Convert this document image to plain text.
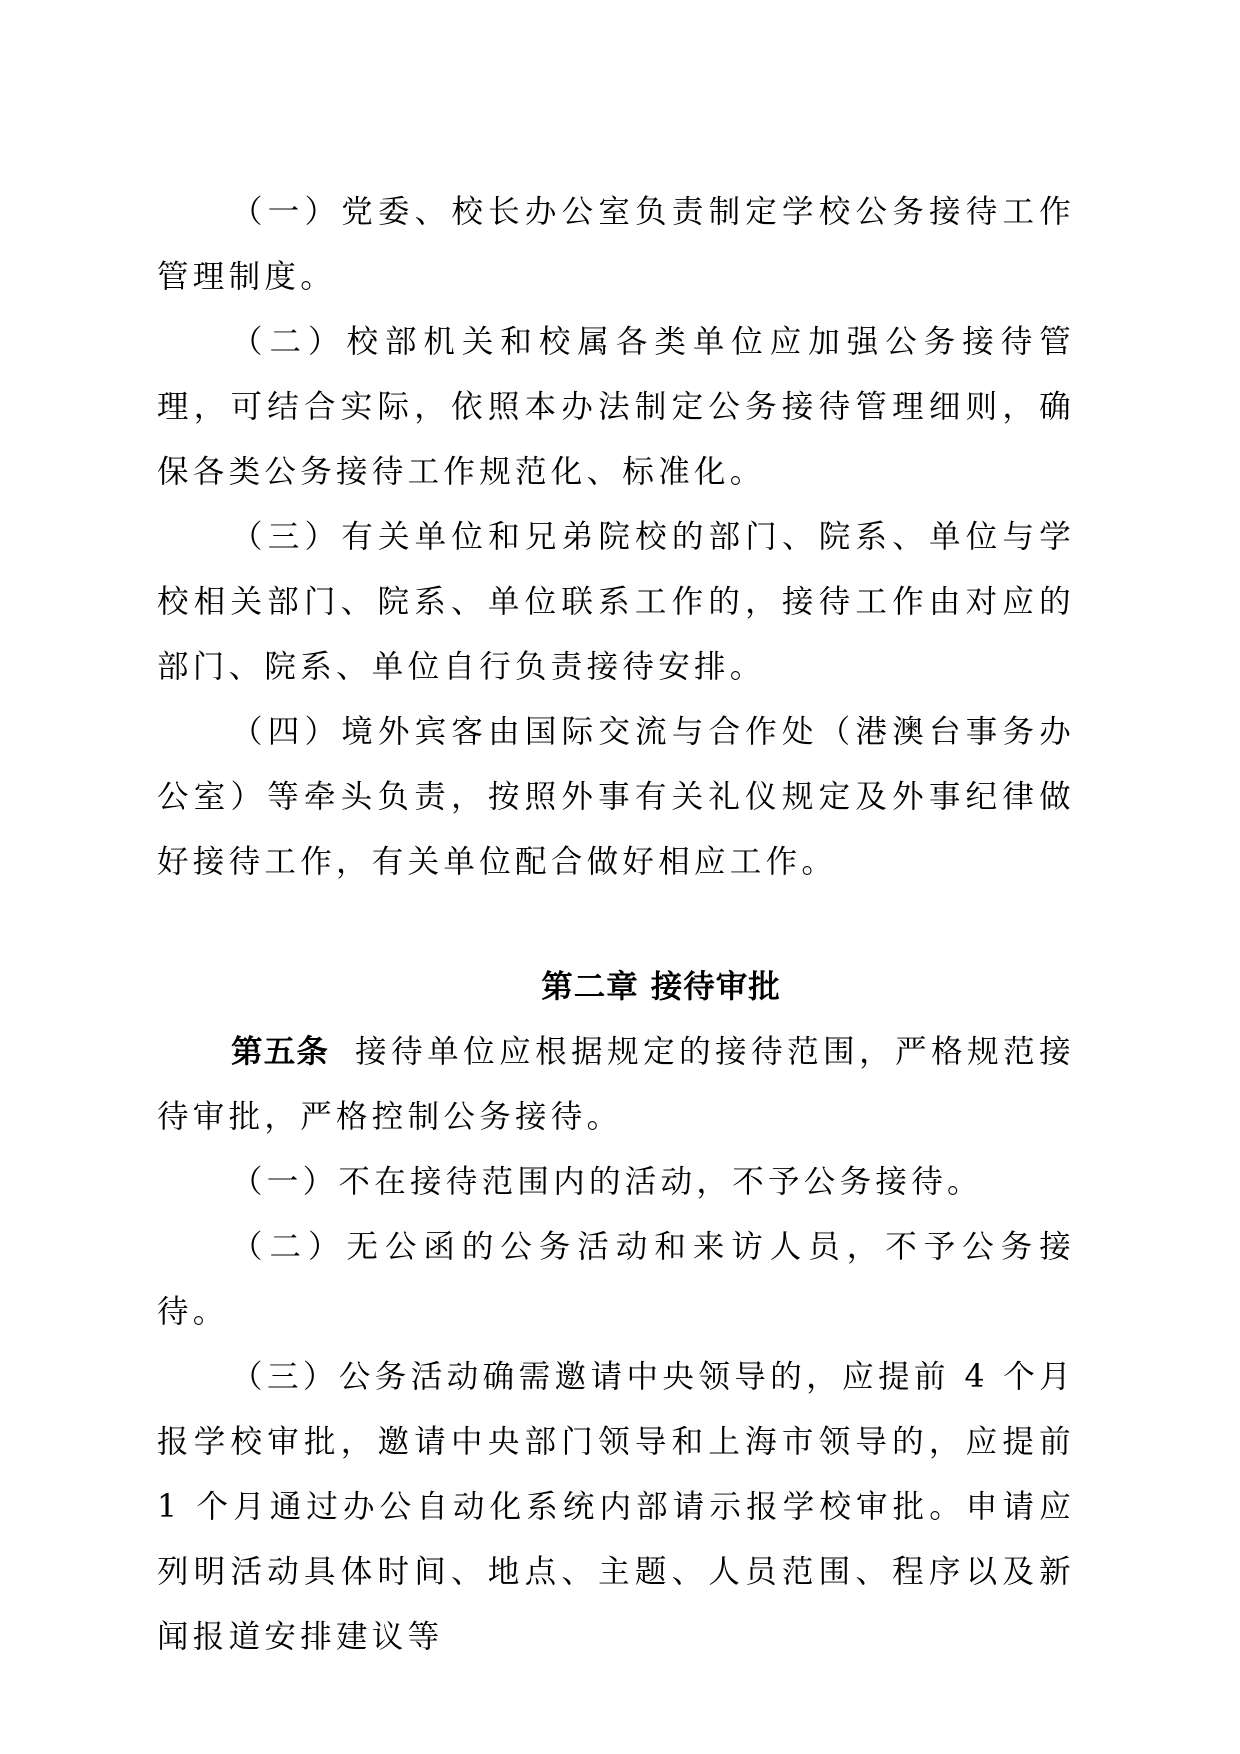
（一）党委、校长办公室负责制定学校公务接待工作管理制度。

（二）校部机关和校属各类单位应加强公务接待管理，可结合实际，依照本办法制定公务接待管理细则，确保各类公务接待工作规范化、标准化。

（三）有关单位和兄弟院校的部门、院系、单位与学校相关部门、院系、单位联系工作的，接待工作由对应的部门、院系、单位自行负责接待安排。

（四）境外宾客由国际交流与合作处（港澳台事务办公室）等牵头负责，按照外事有关礼仪规定及外事纪律做好接待工作，有关单位配合做好相应工作。

第二章 接待审批

第五条 接待单位应根据规定的接待范围，严格规范接待审批，严格控制公务接待。

（一）不在接待范围内的活动，不予公务接待。

（二）无公函的公务活动和来访人员，不予公务接待。

（三）公务活动确需邀请中央领导的，应提前 4 个月报学校审批，邀请中央部门领导和上海市领导的，应提前 1 个月通过办公自动化系统内部请示报学校审批。申请应列明活动具体时间、地点、主题、人员范围、程序以及新闻报道安排建议等
